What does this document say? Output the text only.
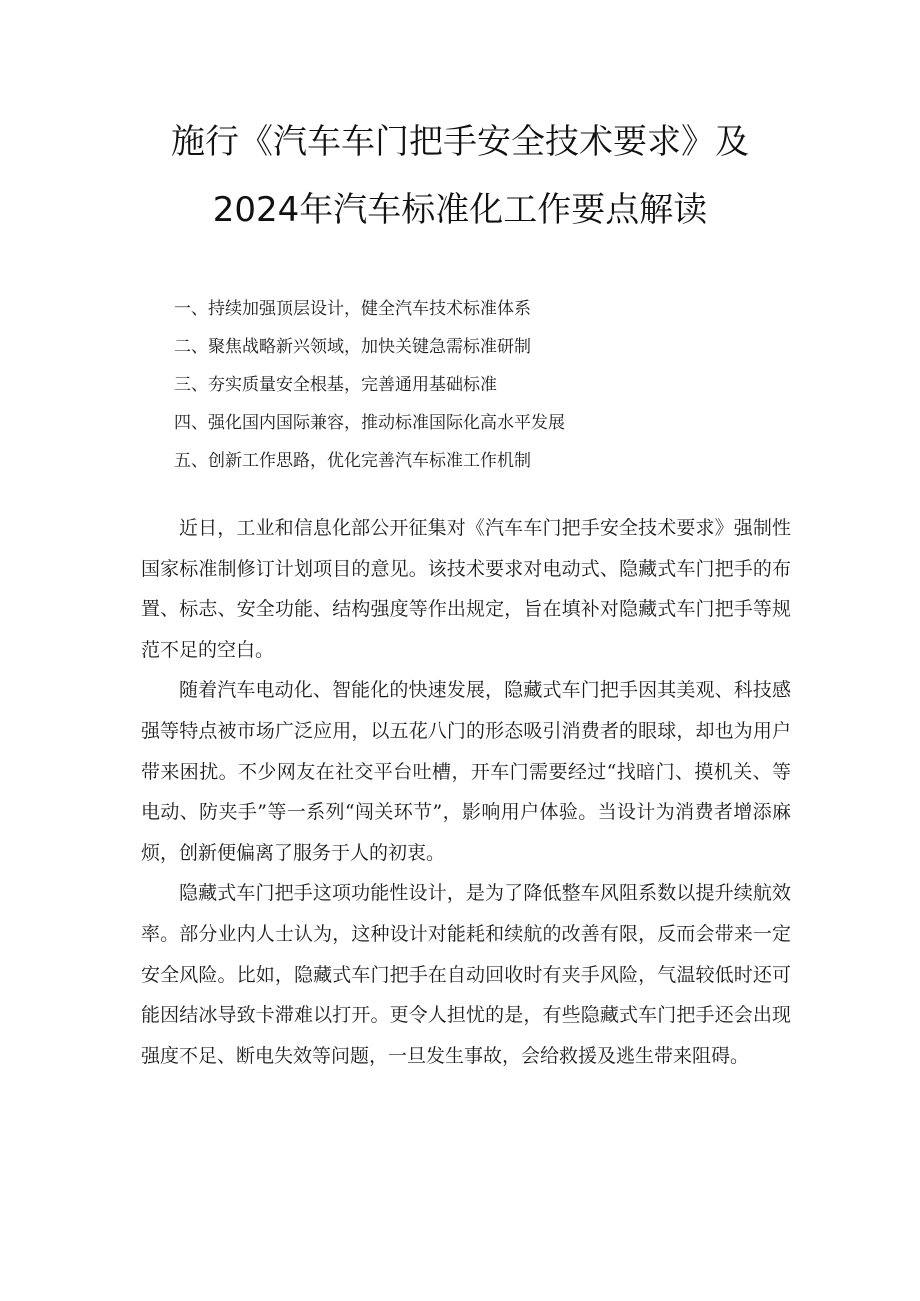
施行《汽车车门把手安全技术要求》及
2024年汽车标准化工作要点解读
一、持续加强顶层设计，健全汽车技术标准体系
二、聚焦战略新兴领域，加快关键急需标准研制
三、夯实质量安全根基，完善通用基础标准
四、强化国内国际兼容，推动标准国际化高水平发展
五、创新工作思路，优化完善汽车标准工作机制

近日，工业和信息化部公开征集对《汽车车门把手安全技术要求》强制性国家标准制修订计划项目的意见。该技术要求对电动式、隐藏式车门把手的布置、标志、安全功能、结构强度等作出规定，旨在填补对隐藏式车门把手等规范不足的空白。

随着汽车电动化、智能化的快速发展，隐藏式车门把手因其美观、科技感强等特点被市场广泛应用，以五花八门的形态吸引消费者的眼球，却也为用户带来困扰。不少网友在社交平台吐槽，开车门需要经过“找暗门、摸机关、等电动、防夹手”等一系列“闯关环节”，影响用户体验。当设计为消费者增添麻烦，创新便偏离了服务于人的初衷。

隐藏式车门把手这项功能性设计，是为了降低整车风阻系数以提升续航效率。部分业内人士认为，这种设计对能耗和续航的改善有限，反而会带来一定安全风险。比如，隐藏式车门把手在自动回收时有夹手风险，气温较低时还可能因结冰导致卡滞难以打开。更令人担忧的是，有些隐藏式车门把手还会出现强度不足、断电失效等问题，一旦发生事故，会给救援及逃生带来阻碍。
